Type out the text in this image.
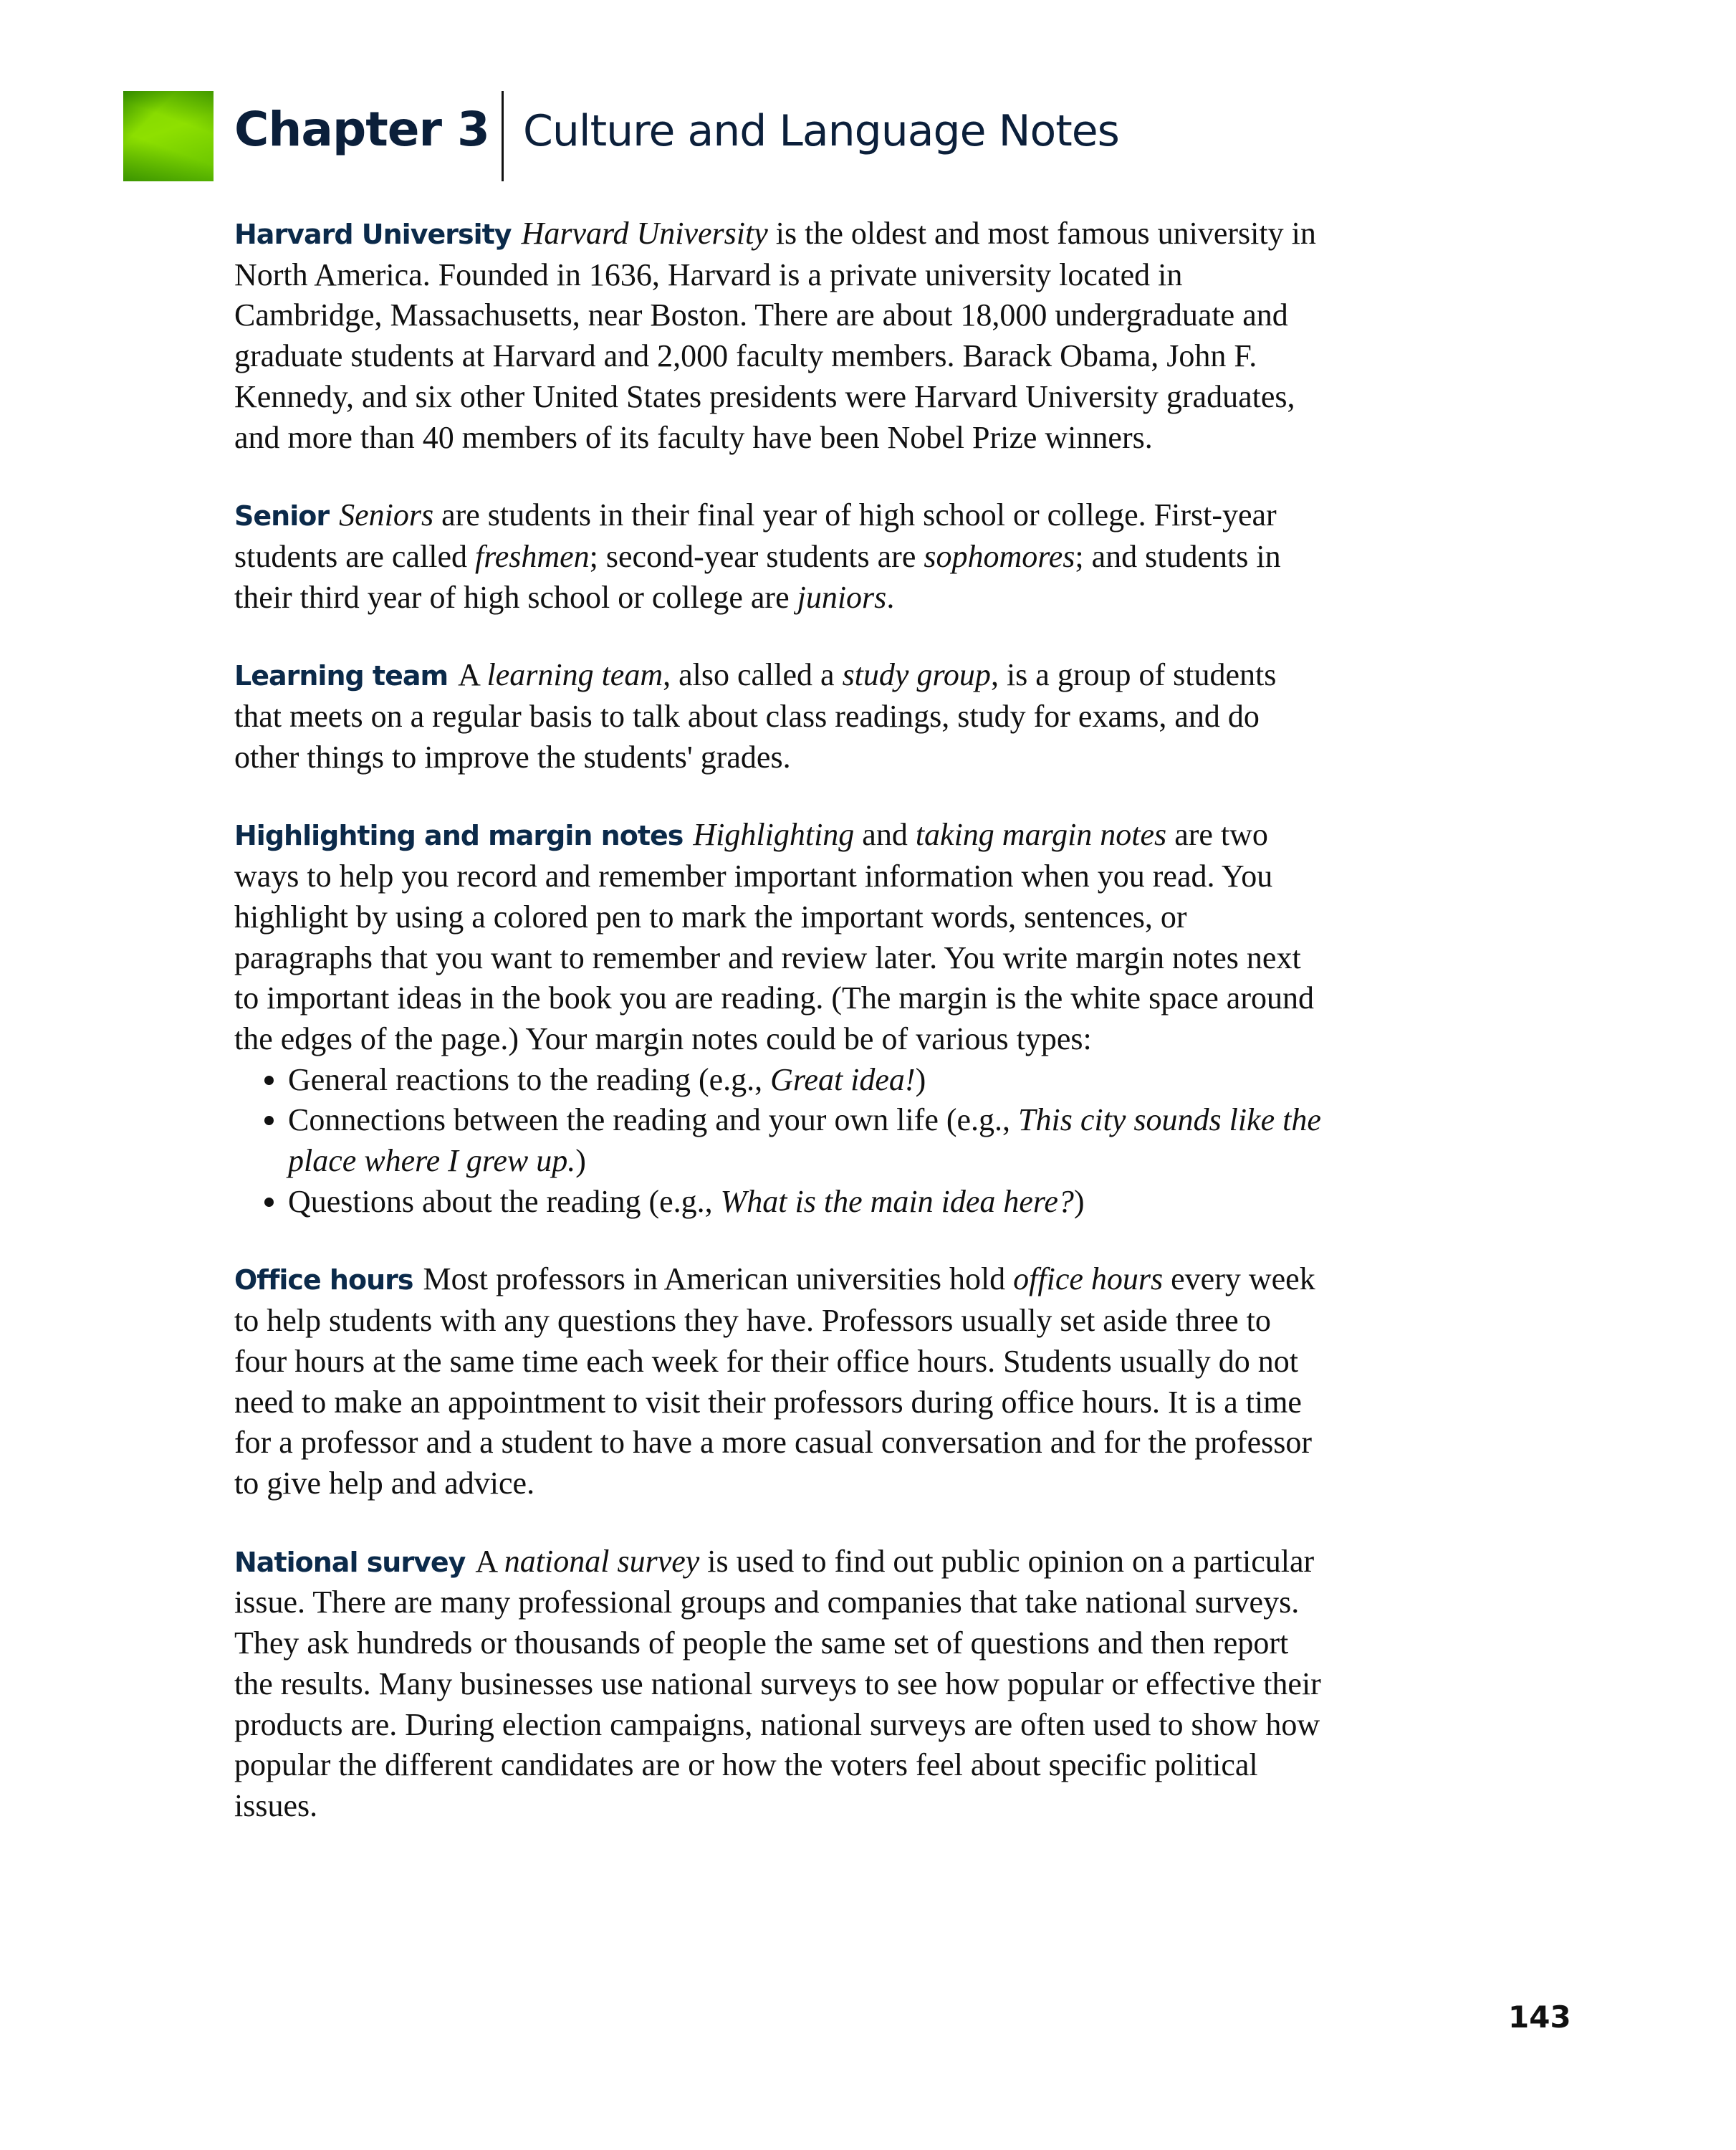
Chapter 3 Culture and Language Notes

Harvard University Harvard University is the oldest and most famous university in North America. Founded in 1636, Harvard is a private university located in Cambridge, Massachusetts, near Boston. There are about 18,000 undergraduate and graduate students at Harvard and 2,000 faculty members. Barack Obama, John F. Kennedy, and six other United States presidents were Harvard University graduates, and more than 40 members of its faculty have been Nobel Prize winners.

Senior Seniors are students in their final year of high school or college. First-year students are called freshmen; second-year students are sophomores; and students in their third year of high school or college are juniors.

Learning team A learning team, also called a study group, is a group of students that meets on a regular basis to talk about class readings, study for exams, and do other things to improve the students' grades.

Highlighting and margin notes Highlighting and taking margin notes are two ways to help you record and remember important information when you read. You highlight by using a colored pen to mark the important words, sentences, or paragraphs that you want to remember and review later. You write margin notes next to important ideas in the book you are reading. (The margin is the white space around the edges of the page.) Your margin notes could be of various types:

• General reactions to the reading (e.g., Great idea!)
• Connections between the reading and your own life (e.g., This city sounds like the place where I grew up.)
• Questions about the reading (e.g., What is the main idea here?)

Office hours Most professors in American universities hold office hours every week to help students with any questions they have. Professors usually set aside three to four hours at the same time each week for their office hours. Students usually do not need to make an appointment to visit their professors during office hours. It is a time for a professor and a student to have a more casual conversation and for the professor to give help and advice.

National survey A national survey is used to find out public opinion on a particular issue. There are many professional groups and companies that take national surveys. They ask hundreds or thousands of people the same set of questions and then report the results. Many businesses use national surveys to see how popular or effective their products are. During election campaigns, national surveys are often used to show how popular the different candidates are or how the voters feel about specific political issues.

143
